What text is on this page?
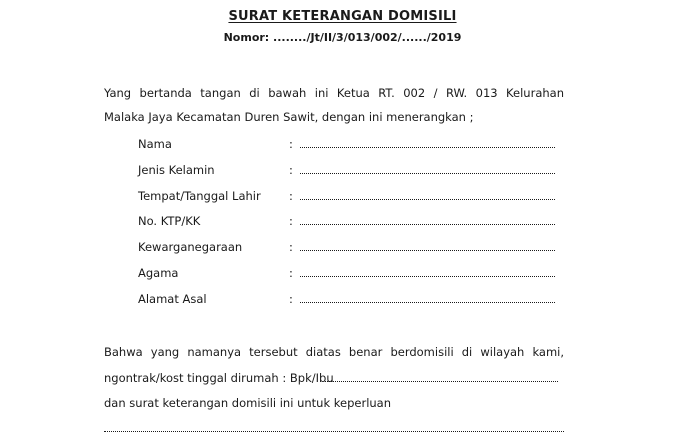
SURAT KETERANGAN DOMISILI
Nomor: ......../Jt/II/3/013/002/....../2019
Yang bertanda tangan di bawah ini Ketua RT. 002 / RW. 013 Kelurahan
Malaka Jaya Kecamatan Duren Sawit, dengan ini menerangkan ;
Nama	:
Jenis Kelamin	:
Tempat/Tanggal Lahir :
No. KTP/KK	:
Kewarganegaraan	:
Agama	:
Alamat Asal	:
Bahwa yang namanya tersebut diatas benar berdomisili di wilayah kami,
ngontrak/kost tinggal dirumah : Bpk/Ibu
dan surat keterangan domisili ini untuk keperluan
